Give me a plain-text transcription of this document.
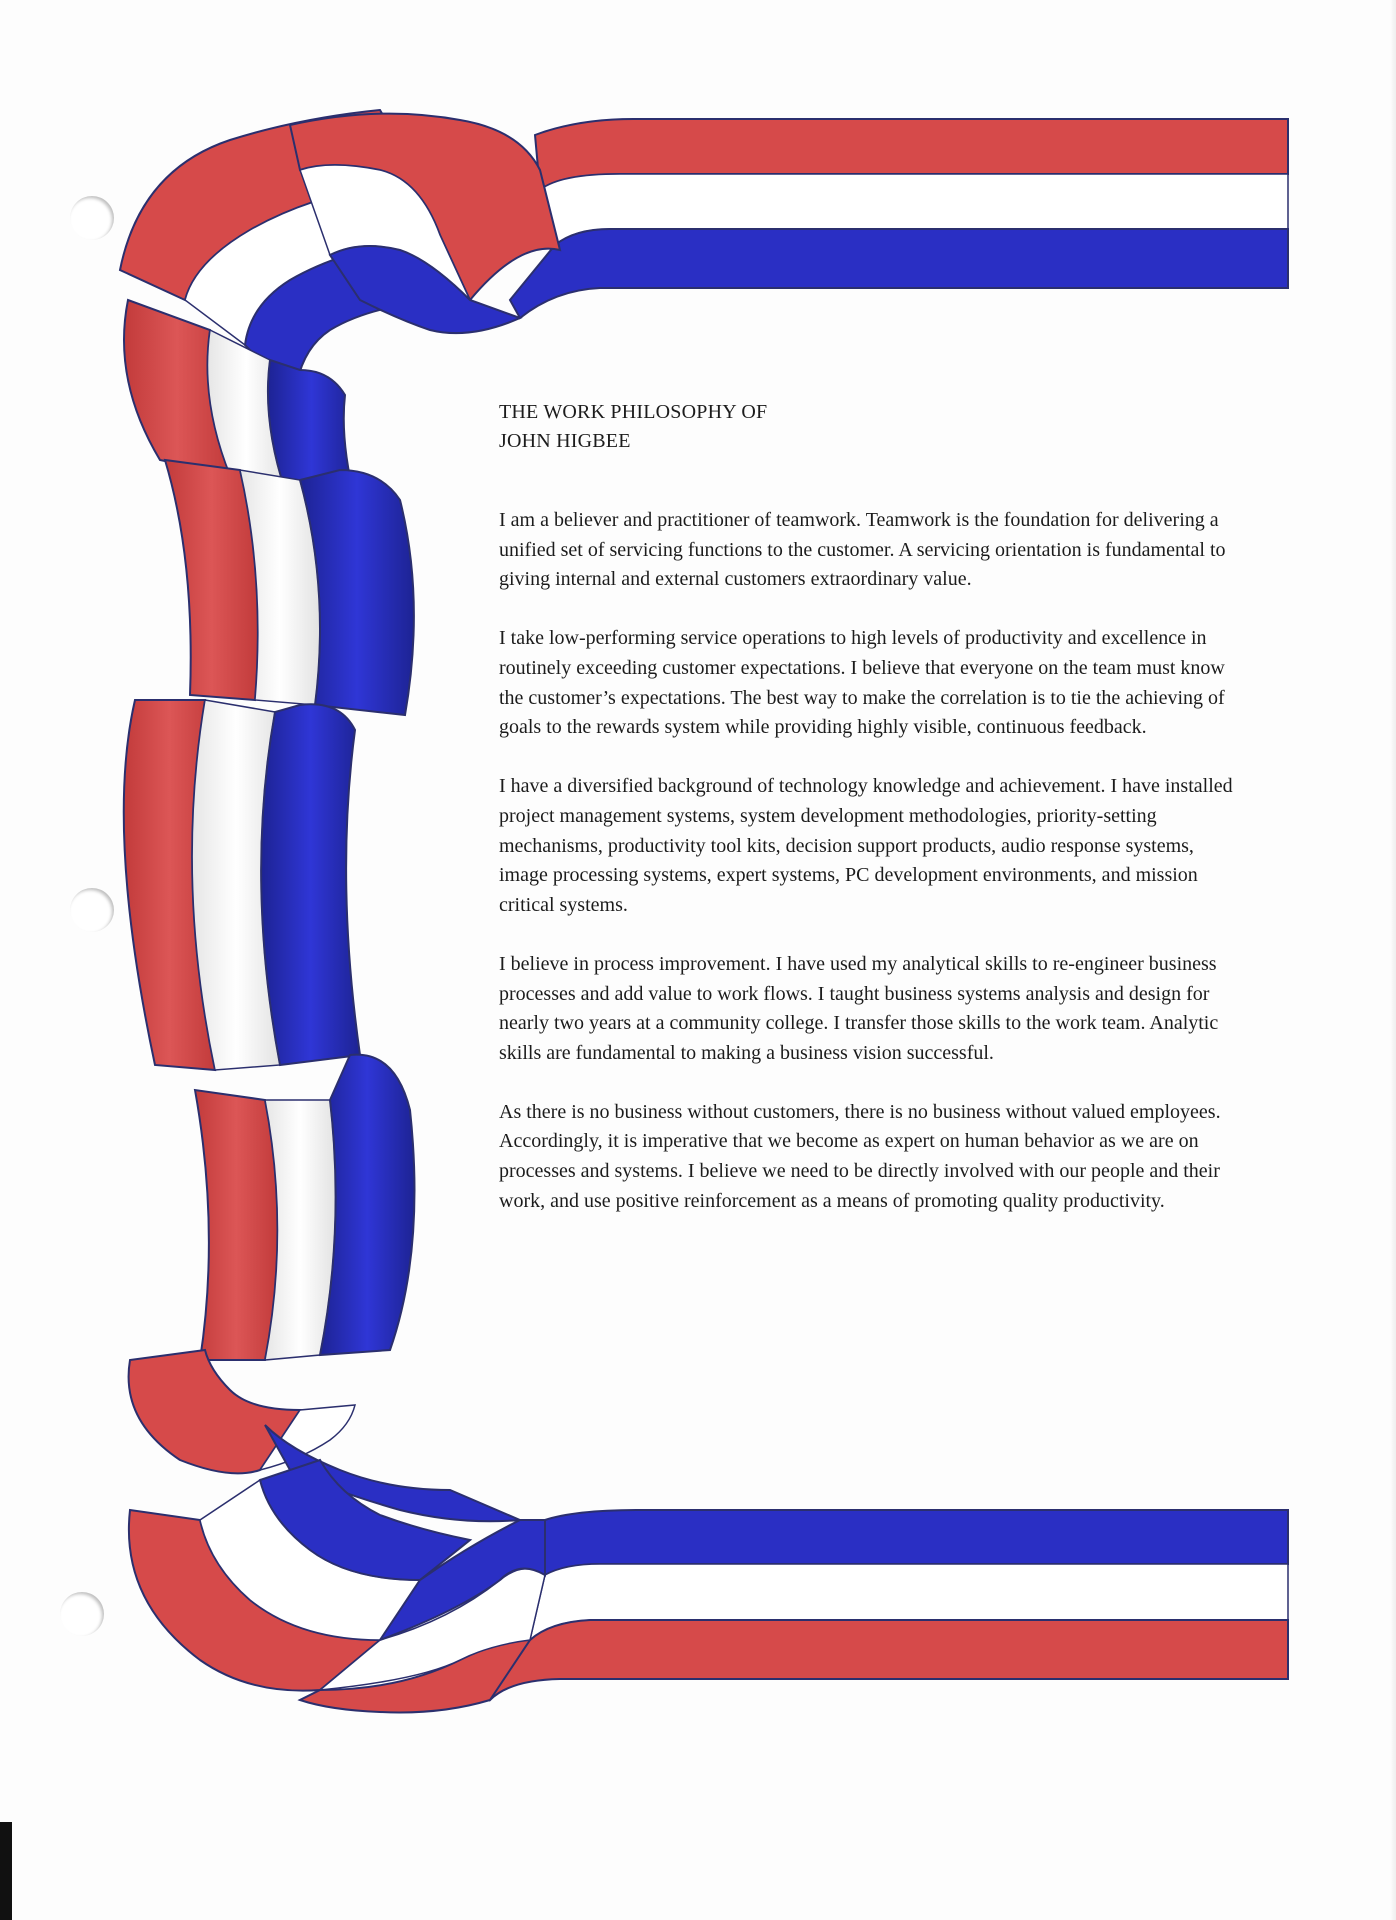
THE WORK PHILOSOPHY OF
JOHN HIGBEE

I am a believer and practitioner of teamwork. Teamwork is the foundation for delivering a unified set of servicing functions to the customer. A servicing orientation is fundamental to giving internal and external customers extraordinary value.

I take low-performing service operations to high levels of productivity and excellence in routinely exceeding customer expectations. I believe that everyone on the team must know the customer’s expectations. The best way to make the correlation is to tie the achieving of goals to the rewards system while providing highly visible, continuous feedback.

I have a diversified background of technology knowledge and achievement. I have installed project management systems, system development methodologies, priority-setting mechanisms, productivity tool kits, decision support products, audio response systems, image processing systems, expert systems, PC development environments, and mission critical systems.

I believe in process improvement. I have used my analytical skills to re-engineer business processes and add value to work flows. I taught business systems analysis and design for nearly two years at a community college. I transfer those skills to the work team. Analytic skills are fundamental to making a business vision successful.

As there is no business without customers, there is no business without valued employees. Accordingly, it is imperative that we become as expert on human behavior as we are on processes and systems. I believe we need to be directly involved with our people and their work, and use positive reinforcement as a means of promoting quality productivity.
